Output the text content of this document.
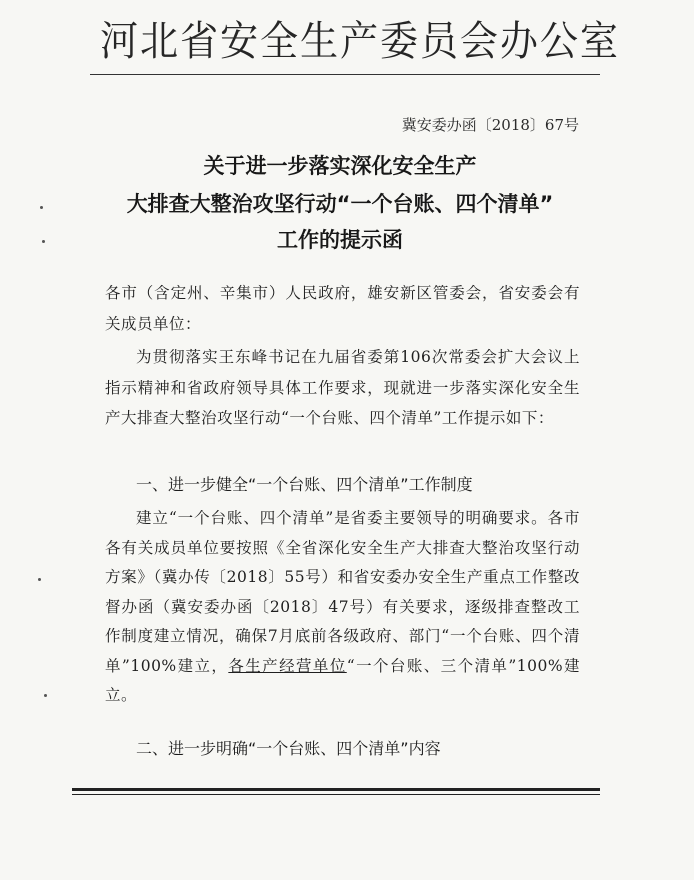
河北省安全生产委员会办公室
冀安委办函〔2018〕67号
关于进一步落实深化安全生产
大排查大整治攻坚行动“一个台账、四个清单”
工作的提示函
各市（含定州、辛集市）人民政府，雄安新区管委会，省安委会有关成员单位：
为贯彻落实王东峰书记在九届省委第106次常委会扩大会议上指示精神和省政府领导具体工作要求，现就进一步落实深化安全生产大排查大整治攻坚行动“一个台账、四个清单”工作提示如下：
一、进一步健全“一个台账、四个清单”工作制度
建立“一个台账、四个清单”是省委主要领导的明确要求。各市各有关成员单位要按照《全省深化安全生产大排查大整治攻坚行动方案》（冀办传〔2018〕55号）和省安委办安全生产重点工作整改督办函（冀安委办函〔2018〕47号）有关要求，逐级排查整改工作制度建立情况，确保7月底前各级政府、部门“一个台账、四个清单”100%建立，各生产经营单位“一个台账、三个清单”100%建立。
二、进一步明确“一个台账、四个清单”内容
